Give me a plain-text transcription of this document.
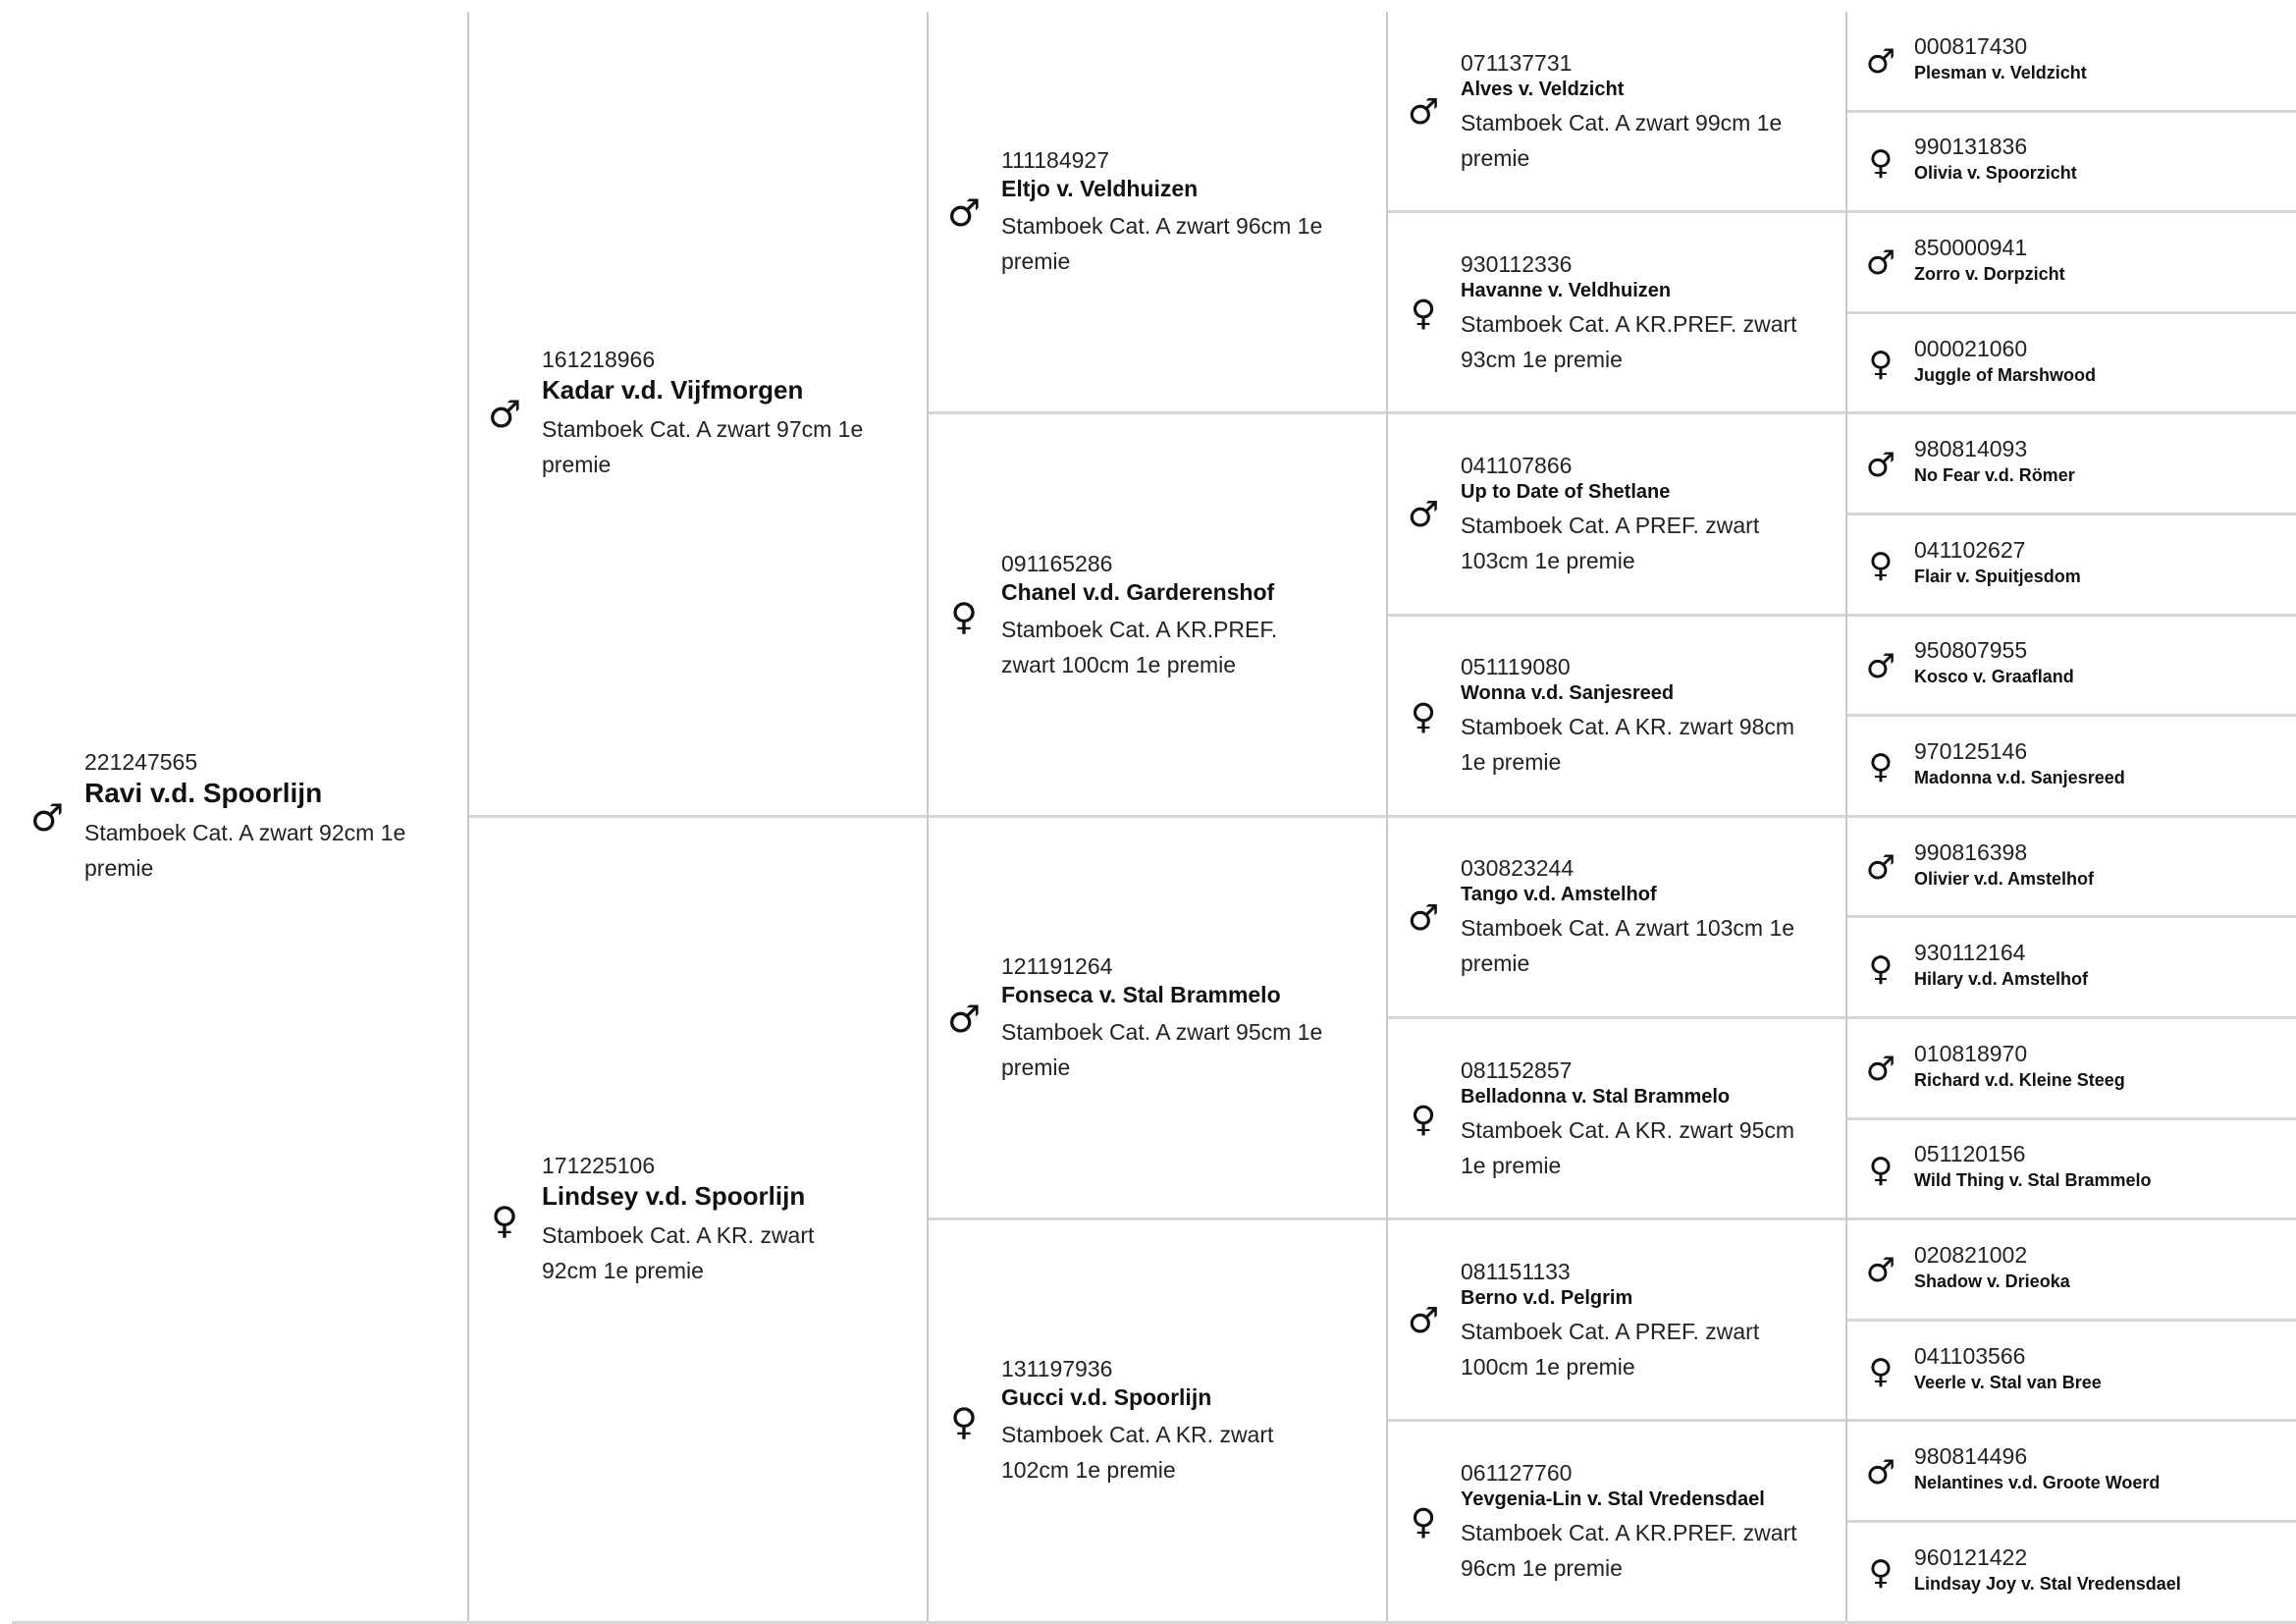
♂
221247565
Ravi v.d. Spoorlijn
Stamboek Cat. A zwart 92cm 1e premie
♂
161218966
Kadar v.d. Vijfmorgen
Stamboek Cat. A zwart 97cm 1e premie
♀
171225106
Lindsey v.d. Spoorlijn
Stamboek Cat. A KR. zwart 92cm 1e premie
♂
111184927
Eltjo v. Veldhuizen
Stamboek Cat. A zwart 96cm 1e premie
♀
091165286
Chanel v.d. Garderenshof
Stamboek Cat. A KR.PREF. zwart 100cm 1e premie
♂
121191264
Fonseca v. Stal Brammelo
Stamboek Cat. A zwart 95cm 1e premie
♀
131197936
Gucci v.d. Spoorlijn
Stamboek Cat. A KR. zwart 102cm 1e premie
♂
071137731
Alves v. Veldzicht
Stamboek Cat. A zwart 99cm 1e premie
♀
930112336
Havanne v. Veldhuizen
Stamboek Cat. A KR.PREF. zwart 93cm 1e premie
♂
041107866
Up to Date of Shetlane
Stamboek Cat. A PREF. zwart 103cm 1e premie
♀
051119080
Wonna v.d. Sanjesreed
Stamboek Cat. A KR. zwart 98cm 1e premie
♂
030823244
Tango v.d. Amstelhof
Stamboek Cat. A zwart 103cm 1e premie
♀
081152857
Belladonna v. Stal Brammelo
Stamboek Cat. A KR. zwart 95cm 1e premie
♂
081151133
Berno v.d. Pelgrim
Stamboek Cat. A PREF. zwart 100cm 1e premie
♀
061127760
Yevgenia-Lin v. Stal Vredensdael
Stamboek Cat. A KR.PREF. zwart 96cm 1e premie
♂ 000817430
Plesman v. Veldzicht
♀ 990131836
Olivia v. Spoorzicht
♂ 850000941
Zorro v. Dorpzicht
♀ 000021060
Juggle of Marshwood
♂ 980814093
No Fear v.d. Römer
♀ 041102627
Flair v. Spuitjesdom
♂ 950807955
Kosco v. Graafland
♀ 970125146
Madonna v.d. Sanjesreed
♂ 990816398
Olivier v.d. Amstelhof
♀ 930112164
Hilary v.d. Amstelhof
♂ 010818970
Richard v.d. Kleine Steeg
♀ 051120156
Wild Thing v. Stal Brammelo
♂ 020821002
Shadow v. Drieoka
♀ 041103566
Veerle v. Stal van Bree
♂ 980814496
Nelantines v.d. Groote Woerd
♀ 960121422
Lindsay Joy v. Stal Vredensdael
